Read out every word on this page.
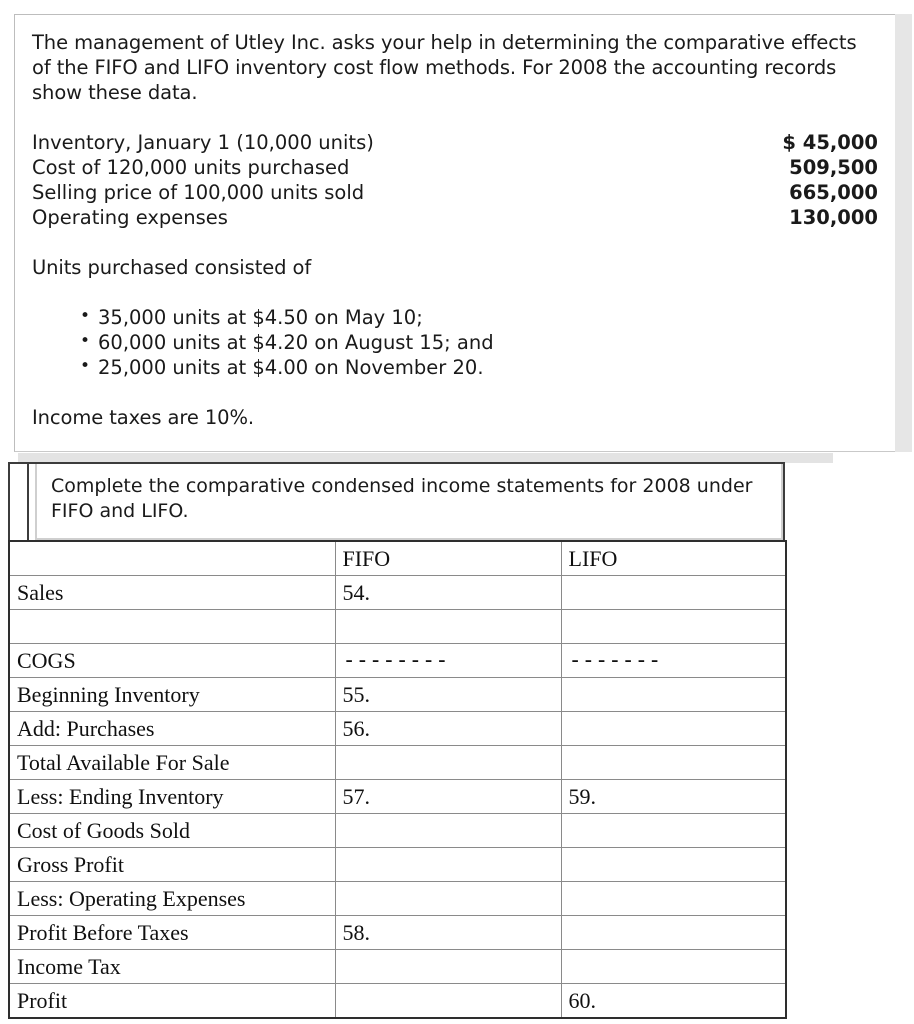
The management of Utley Inc. asks your help in determining the comparative effects of the FIFO and LIFO inventory cost flow methods. For 2008 the accounting records show these data.

Inventory, January 1 (10,000 units)	$ 45,000
Cost of 120,000 units purchased	509,500
Selling price of 100,000 units sold	665,000
Operating expenses	130,000

Units purchased consisted of

• 35,000 units at $4.50 on May 10;
• 60,000 units at $4.20 on August 15; and
• 25,000 units at $4.00 on November 20.

Income taxes are 10%.

Complete the comparative condensed income statements for 2008 under FIFO and LIFO.

	FIFO	LIFO
Sales	54.	

COGS	--------	-------
Beginning Inventory	55.	
Add: Purchases	56.	
Total Available For Sale		
Less: Ending Inventory	57.	59.
Cost of Goods Sold		
Gross Profit		
Less: Operating Expenses		
Profit Before Taxes	58.	
Income Tax		
Profit		60.
